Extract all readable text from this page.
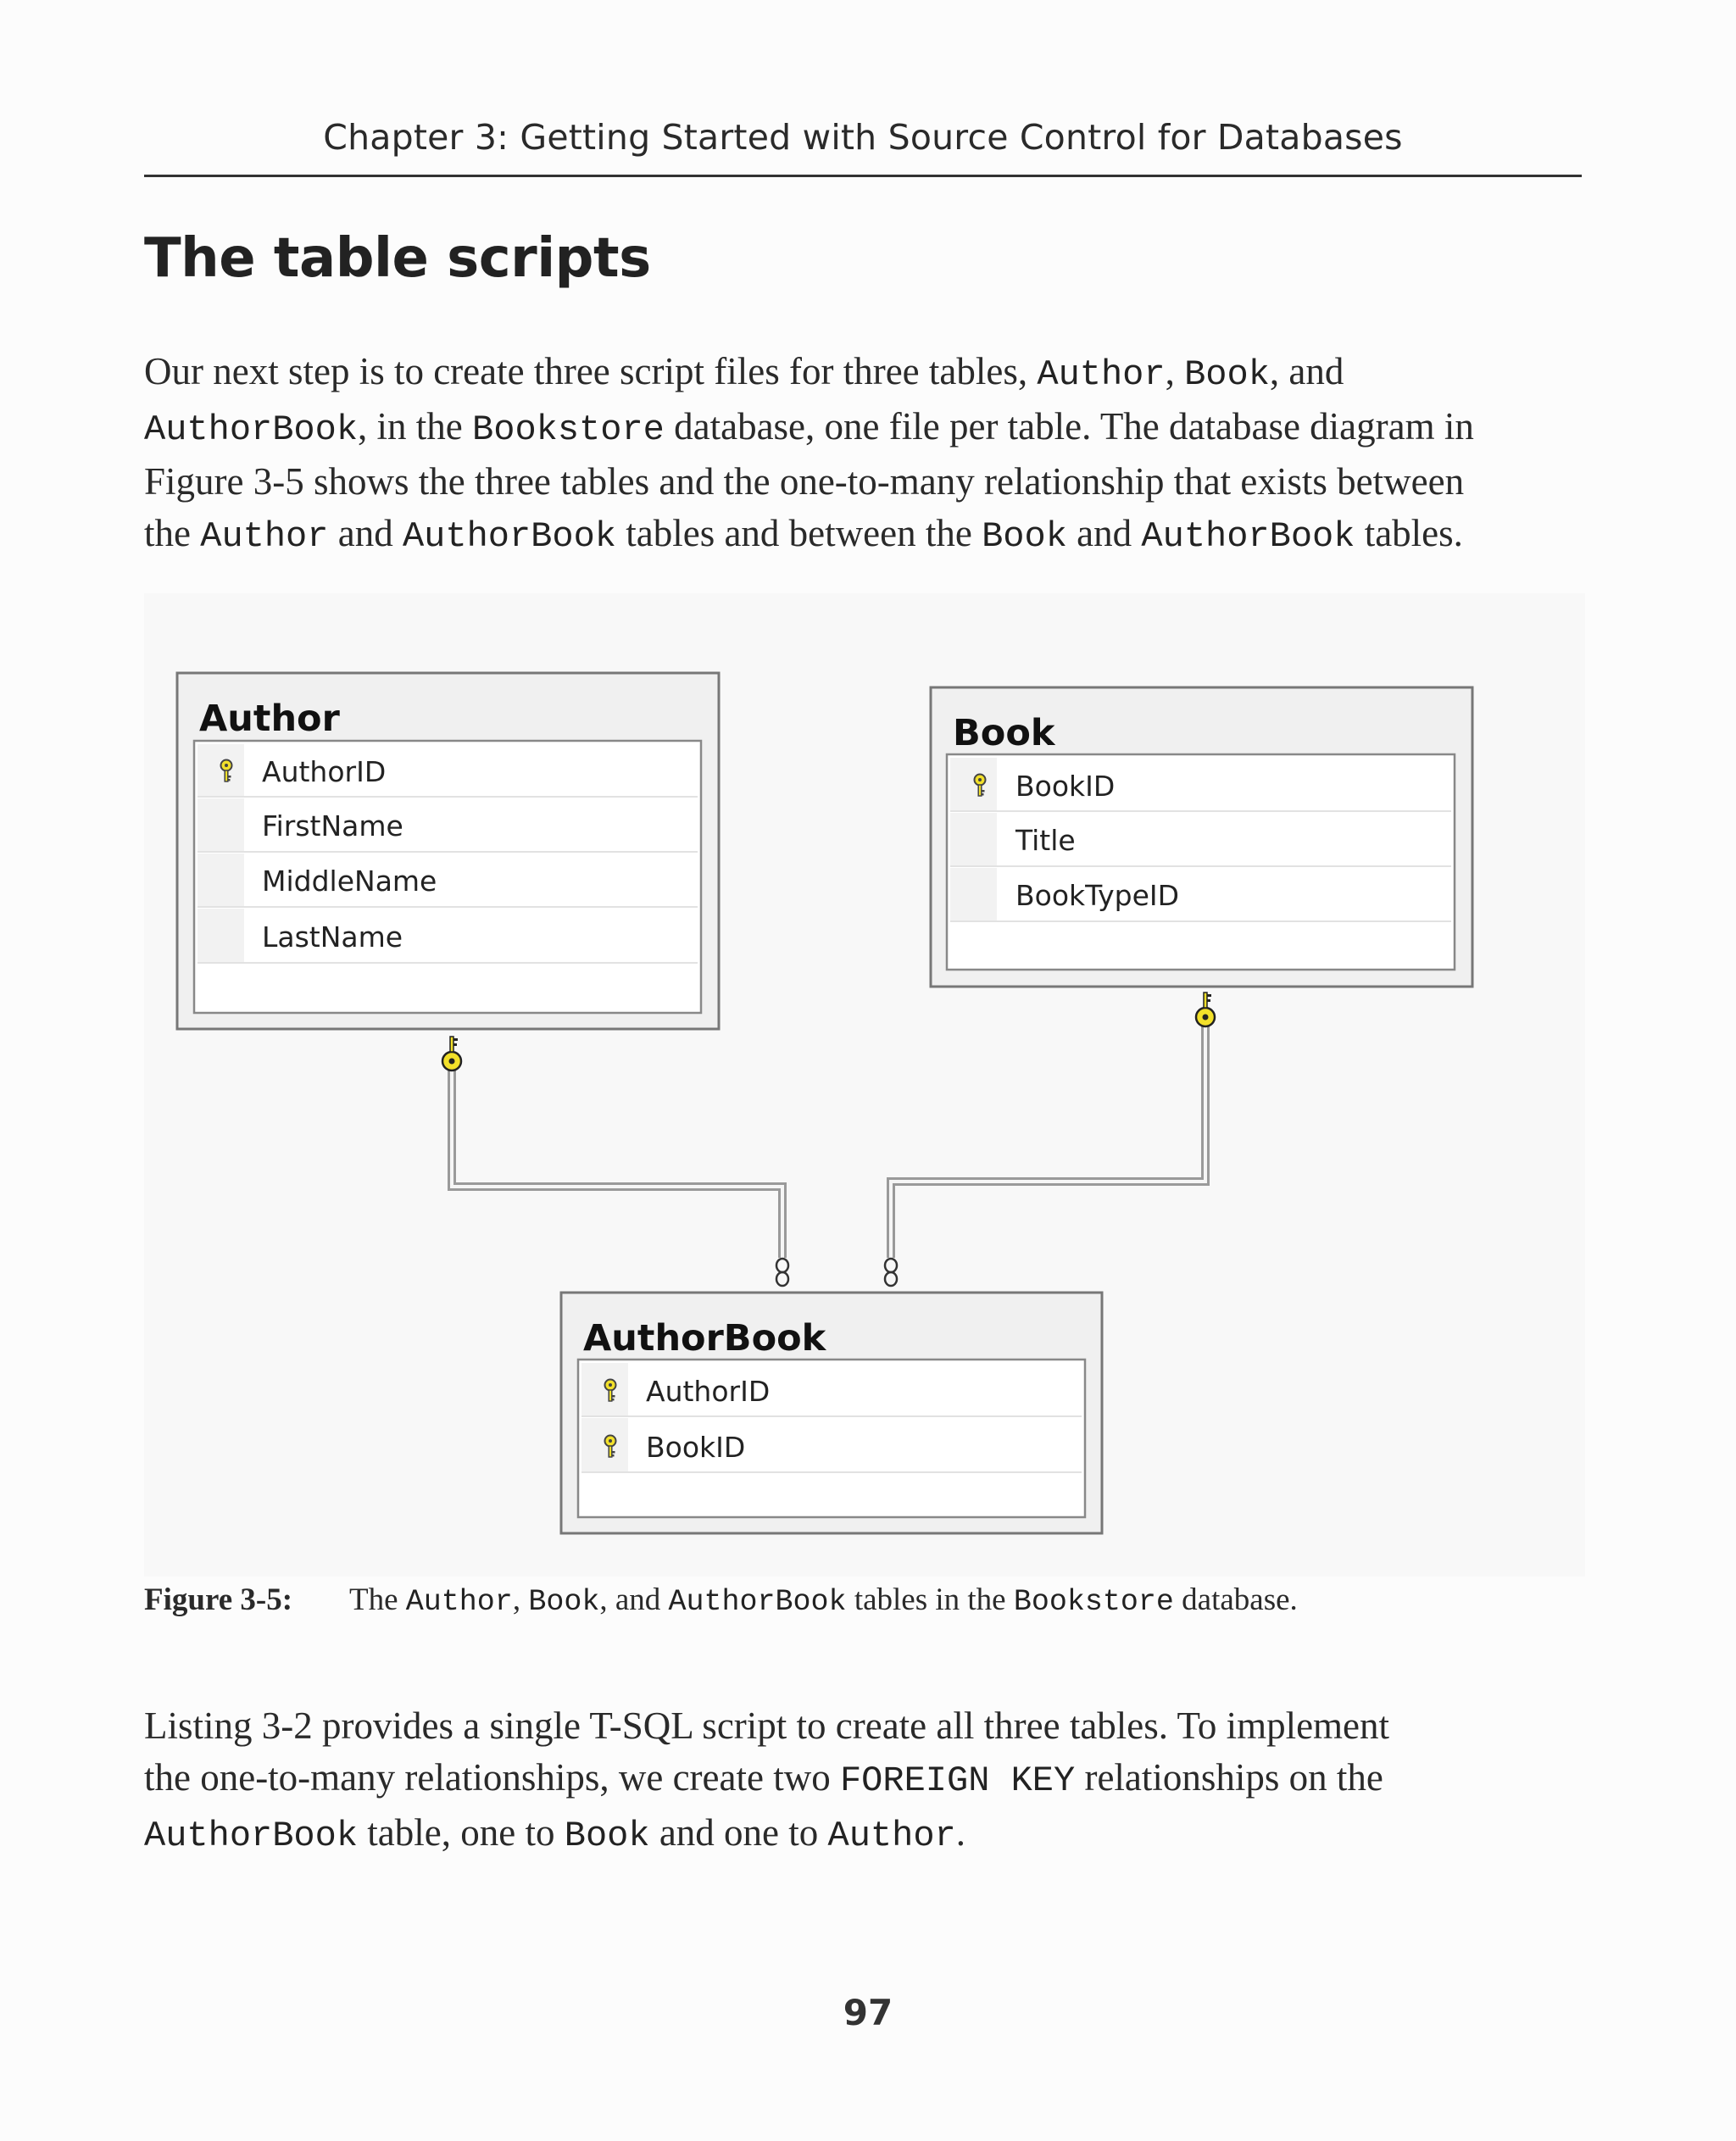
Chapter 3: Getting Started with Source Control for Databases
The table scripts
Our next step is to create three script files for three tables, Author, Book, and
AuthorBook, in the Bookstore database, one file per table. The database diagram in
Figure 3-5 shows the three tables and the one-to-many relationship that exists between
the Author and AuthorBook tables and between the Book and AuthorBook tables.
Author
AuthorID
FirstName
MiddleName
LastName
Book
BookID
Title
BookTypeID
AuthorBook
AuthorID
BookID
Figure 3-5: The Author, Book, and AuthorBook tables in the Bookstore database.
Listing 3-2 provides a single T-SQL script to create all three tables. To implement
the one-to-many relationships, we create two FOREIGN KEY relationships on the
AuthorBook table, one to Book and one to Author.
97
